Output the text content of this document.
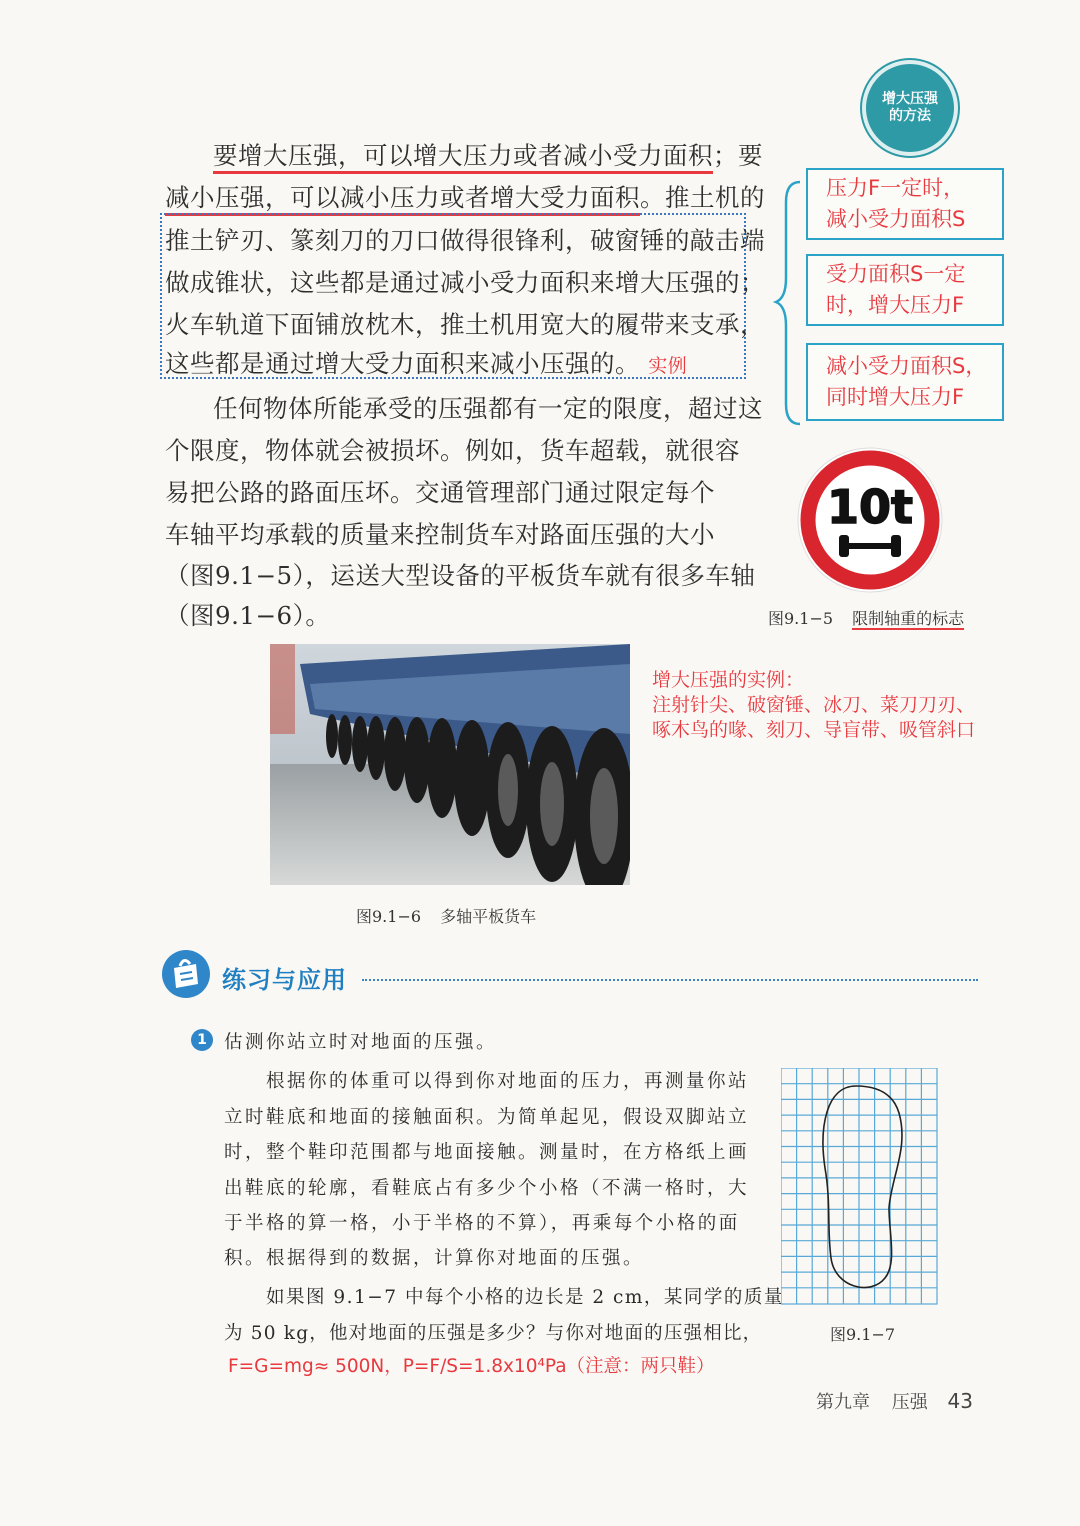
增大压强
的方法
要增大压强，可以增大压力或者减小受力面积；要
减小压强，可以减小压力或者增大受力面积。推土机的
推土铲刃、篆刻刀的刀口做得很锋利，破窗锤的敲击端
做成锥状，这些都是通过减小受力面积来增大压强的；
火车轨道下面铺放枕木，推土机用宽大的履带来支承，
这些都是通过增大受力面积来减小压强的。 实例
任何物体所能承受的压强都有一定的限度，超过这
个限度，物体就会被损坏。例如，货车超载，就很容
易把公路的路面压坏。交通管理部门通过限定每个
车轴平均承载的质量来控制货车对路面压强的大小
（图9.1−5），运送大型设备的平板货车就有很多车轴
（图9.1−6）。
压力F一定时，
减小受力面积S
受力面积S一定
时，增大压力F
减小受力面积S，
同时增大压力F
10t
图9.1−5 限制轴重的标志
图9.1−6 多轴平板货车
增大压强的实例：
注射针尖、破窗锤、冰刀、菜刀刀刃、
啄木鸟的喙、刻刀、导盲带、吸管斜口
练习与应用
1 估测你站立时对地面的压强。
根据你的体重可以得到你对地面的压力，再测量你站
立时鞋底和地面的接触面积。为简单起见，假设双脚站立
时，整个鞋印范围都与地面接触。测量时，在方格纸上画
出鞋底的轮廓，看鞋底占有多少个小格（不满一格时，大
于半格的算一格，小于半格的不算），再乘每个小格的面
积。根据得到的数据，计算你对地面的压强。
如果图 9.1−7 中每个小格的边长是 2 cm，某同学的质量
为 50 kg，他对地面的压强是多少？与你对地面的压强相比，
F=G=mg≈ 500N，P=F/S=1.8x10⁴Pa（注意：两只鞋）
图9.1−7
第九章 压强 43
